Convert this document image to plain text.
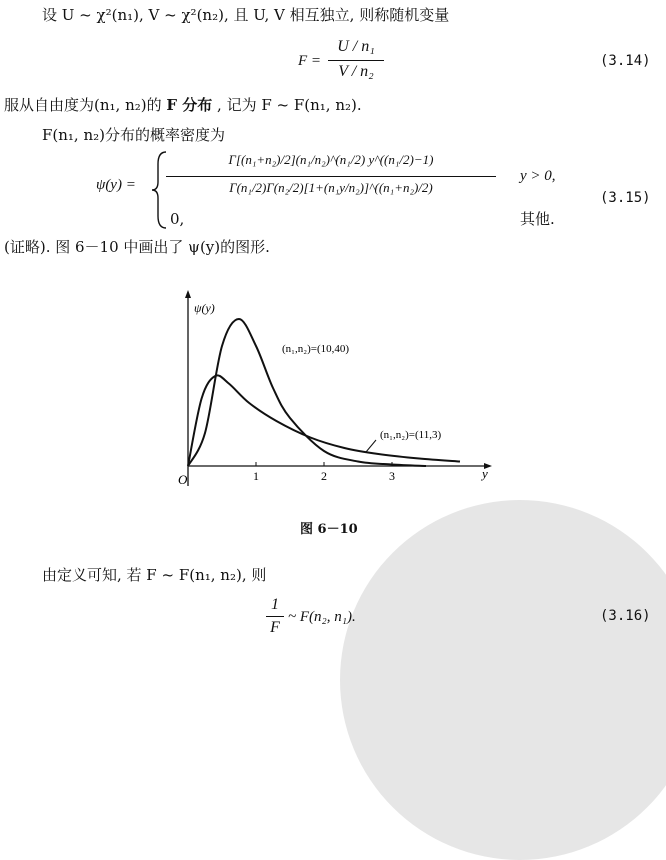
设 U ~ χ²(n₁), V ~ χ²(n₂), 且 U, V 相互独立, 则称随机变量
F =
U / n₁
V / n₂
(3.14)
服从自由度为(n₁, n₂)的 F 分布 , 记为 F ~ F(n₁, n₂).
F(n₁, n₂)分布的概率密度为
ψ(y) =
Γ[(n₁+n₂)/2](n₁/n₂)^(n₁/2) y^((n₁/2)−1)
Γ(n₁/2)Γ(n₂/2)[1+(n₁y/n₂)]^((n₁+n₂)/2)
y > 0,
0,	其他.
(3.15)
(证略). 图 6－10 中画出了 ψ(y)的图形.
ψ(y)
y
O	1	2	3
(n₁,n₂)=(10,40)
(n₁,n₂)=(11,3)
图 6－10
由定义可知, 若 F ~ F(n₁, n₂), 则
1
F
~ F(n₂, n₁).	(3.16)
